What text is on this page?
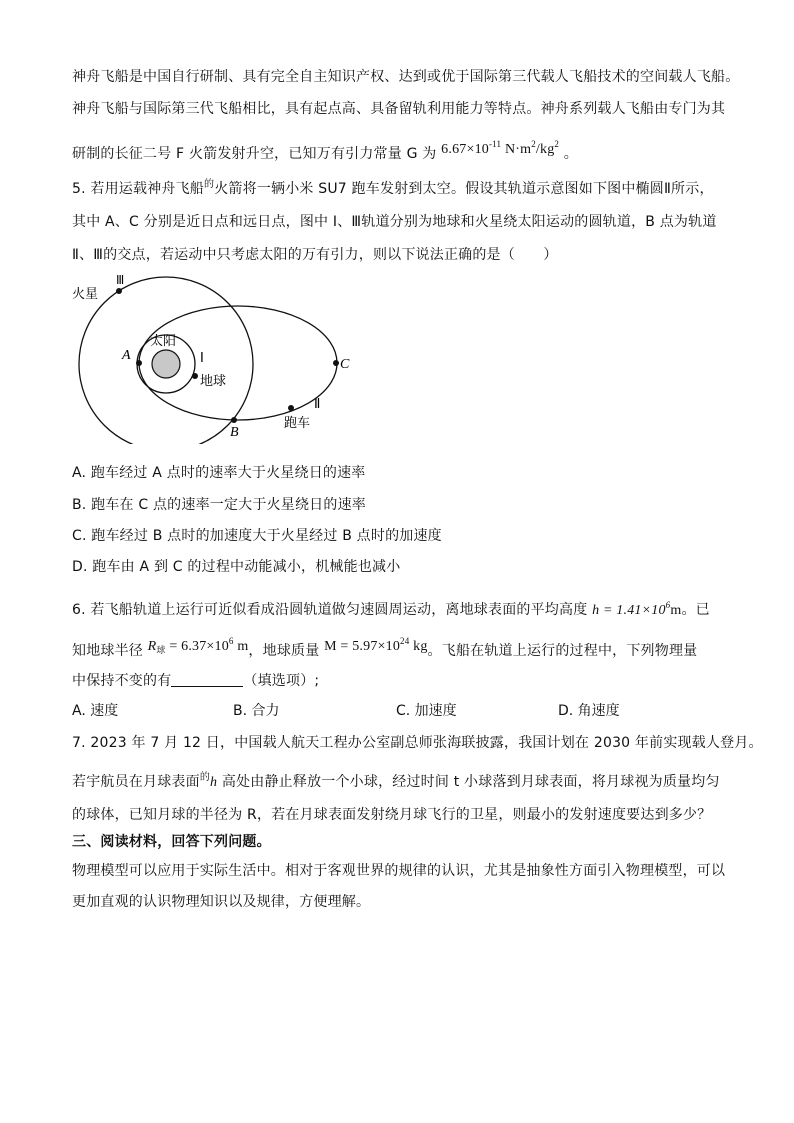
神舟飞船是中国自行研制、具有完全自主知识产权、达到或优于国际第三代载人飞船技术的空间载人飞船。
神舟飞船与国际第三代飞船相比，具有起点高、具备留轨利用能力等特点。神舟系列载人飞船由专门为其
研制的长征二号 F 火箭发射升空，已知万有引力常量 G 为 $6.67\times 10^{-11}$ $N\cdot m^2/kg^2$ 。
5. 若用运载神舟飞船$^的$火箭将一辆小米 SU7 跑车发射到太空。假设其轨道示意图如下图中椭圆Ⅱ所示，
其中 A、C 分别是近日点和远日点，图中 Ⅰ、Ⅲ轨道分别为地球和火星绕太阳运动的圆轨道，B 点为轨道
Ⅱ、Ⅲ的交点，若运动中只考虑太阳的万有引力，则以下说法正确的是（　　）
火星
Ⅲ
太阳
Ⅰ
地球
A
C
B
Ⅱ
跑车
A. 跑车经过 A 点时的速率大于火星绕日的速率
B. 跑车在 C 点的速率一定大于火星绕日的速率
C. 跑车经过 B 点时的加速度大于火星经过 B 点时的加速度
D. 跑车由 A 到 C 的过程中动能减小，机械能也减小
6. 若飞船轨道上运行可近似看成沿圆轨道做匀速圆周运动，离地球表面的平均高度 $h = 1.41\times 10^6m$。已
知地球半径 $R_球 = 6.37\times 10^6$ m，地球质量 $M = 5.97\times 10^{24}$ kg。飞船在轨道上运行的过程中，下列物理量
中保持不变的有	（填选项）;
A. 速度	B. 合力	C. 加速度	D. 角速度
7. 2023 年 7 月 12 日，中国载人航天工程办公室副总师张海联披露，我国计划在 2030 年前实现载人登月。
若宇航员在月球表面$^的$h 高处由静止释放一个小球，经过时间 t 小球落到月球表面，将月球视为质量均匀
的球体，已知月球的半径为 R，若在月球表面发射绕月球飞行的卫星，则最小的发射速度要达到多少？
三、阅读材料，回答下列问题。
物理模型可以应用于实际生活中。相对于客观世界的规律的认识，尤其是抽象性方面引入物理模型，可以
更加直观的认识物理知识以及规律，方便理解。
